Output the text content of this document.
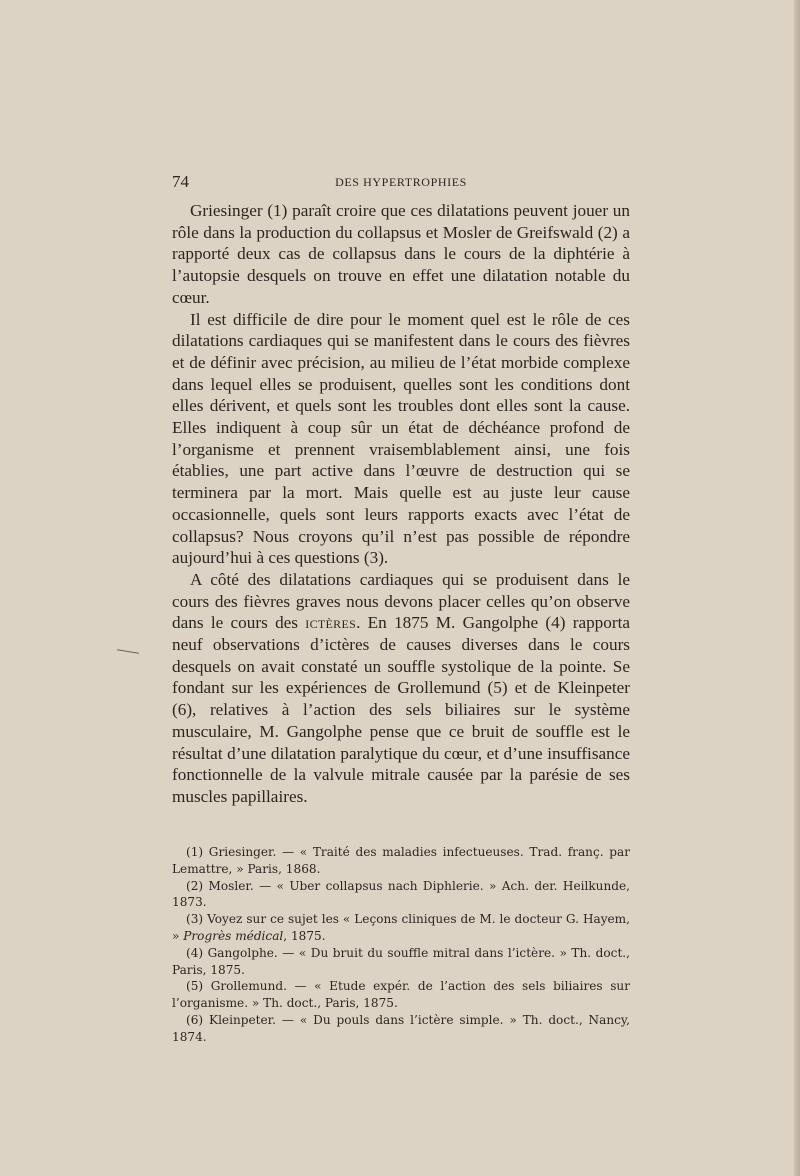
74	DES HYPERTROPHIES

Griesinger (1) paraît croire que ces dilatations peuvent jouer un rôle dans la production du collapsus et Mosler de Greifswald (2) a rapporté deux cas de collapsus dans le cours de la diphtérie à l’autopsie desquels on trouve en effet une dilatation notable du cœur.

Il est difficile de dire pour le moment quel est le rôle de ces dilatations cardiaques qui se manifestent dans le cours des fièvres et de définir avec précision, au milieu de l’état morbide complexe dans lequel elles se produisent, quelles sont les conditions dont elles dérivent, et quels sont les troubles dont elles sont la cause. Elles indiquent à coup sûr un état de déchéance profond de l’organisme et prennent vraisemblablement ainsi, une fois établies, une part active dans l’œuvre de destruction qui se terminera par la mort. Mais quelle est au juste leur cause occasionnelle, quels sont leurs rapports exacts avec l’état de collapsus? Nous croyons qu’il n’est pas possible de répondre aujourd’hui à ces questions (3).

A côté des dilatations cardiaques qui se produisent dans le cours des fièvres graves nous devons placer celles qu’on observe dans le cours des ictères. En 1875 M. Gangolphe (4) rapporta neuf observations d’ictères de causes diverses dans le cours desquels on avait constaté un souffle systolique de la pointe. Se fondant sur les expériences de Grollemund (5) et de Kleinpeter (6), relatives à l’action des sels biliaires sur le système musculaire, M. Gangolphe pense que ce bruit de souffle est le résultat d’une dilatation paralytique du cœur, et d’une insuffisance fonctionnelle de la valvule mitrale causée par la parésie de ses muscles papillaires.

(1) Griesinger. — « Traité des maladies infectueuses. Trad. franç. par Lemattre, » Paris, 1868.

(2) Mosler. — « Uber collapsus nach Diphlerie. » Ach. der. Heilkunde, 1873.

(3) Voyez sur ce sujet les « Leçons cliniques de M. le docteur G. Hayem, » Progrès médical, 1875.

(4) Gangolphe. — « Du bruit du souffle mitral dans l’ictère. » Th. doct., Paris, 1875.

(5) Grollemund. — « Etude expér. de l’action des sels biliaires sur l’organisme. » Th. doct., Paris, 1875.

(6) Kleinpeter. — « Du pouls dans l’ictère simple. » Th. doct., Nancy, 1874.
